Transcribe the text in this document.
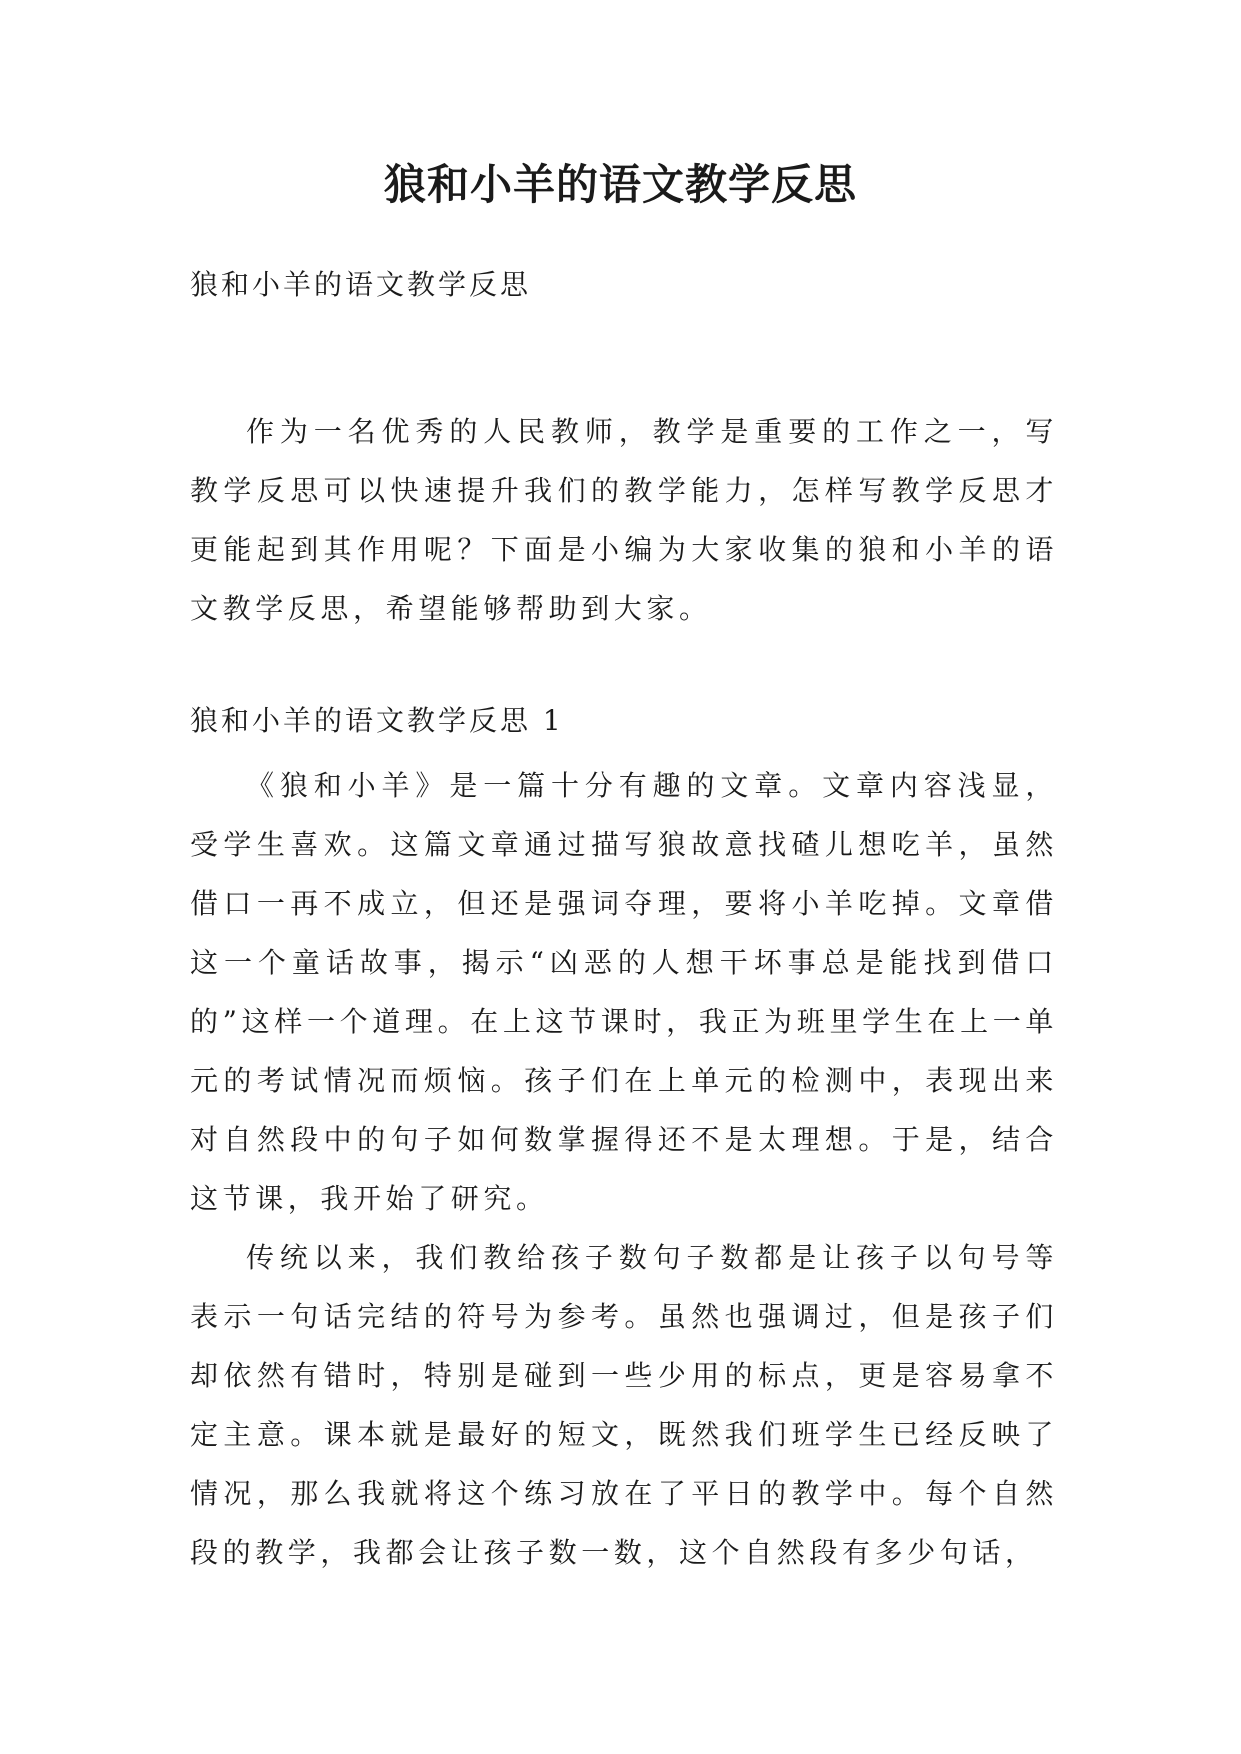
狼和小羊的语文教学反思
狼和小羊的语文教学反思

作为一名优秀的人民教师，教学是重要的工作之一，写教学反思可以快速提升我们的教学能力，怎样写教学反思才更能起到其作用呢？下面是小编为大家收集的狼和小羊的语文教学反思，希望能够帮助到大家。

狼和小羊的语文教学反思 1

《狼和小羊》是一篇十分有趣的文章。文章内容浅显，受学生喜欢。这篇文章通过描写狼故意找碴儿想吃羊，虽然借口一再不成立，但还是强词夺理，要将小羊吃掉。文章借这一个童话故事，揭示“凶恶的人想干坏事总是能找到借口的”这样一个道理。在上这节课时，我正为班里学生在上一单元的考试情况而烦恼。孩子们在上单元的检测中，表现出来对自然段中的句子如何数掌握得还不是太理想。于是，结合这节课，我开始了研究。

传统以来，我们教给孩子数句子数都是让孩子以句号等表示一句话完结的符号为参考。虽然也强调过，但是孩子们却依然有错时，特别是碰到一些少用的标点，更是容易拿不定主意。课本就是最好的短文，既然我们班学生已经反映了情况，那么我就将这个练习放在了平日的教学中。每个自然段的教学，我都会让孩子数一数，这个自然段有多少句话，
